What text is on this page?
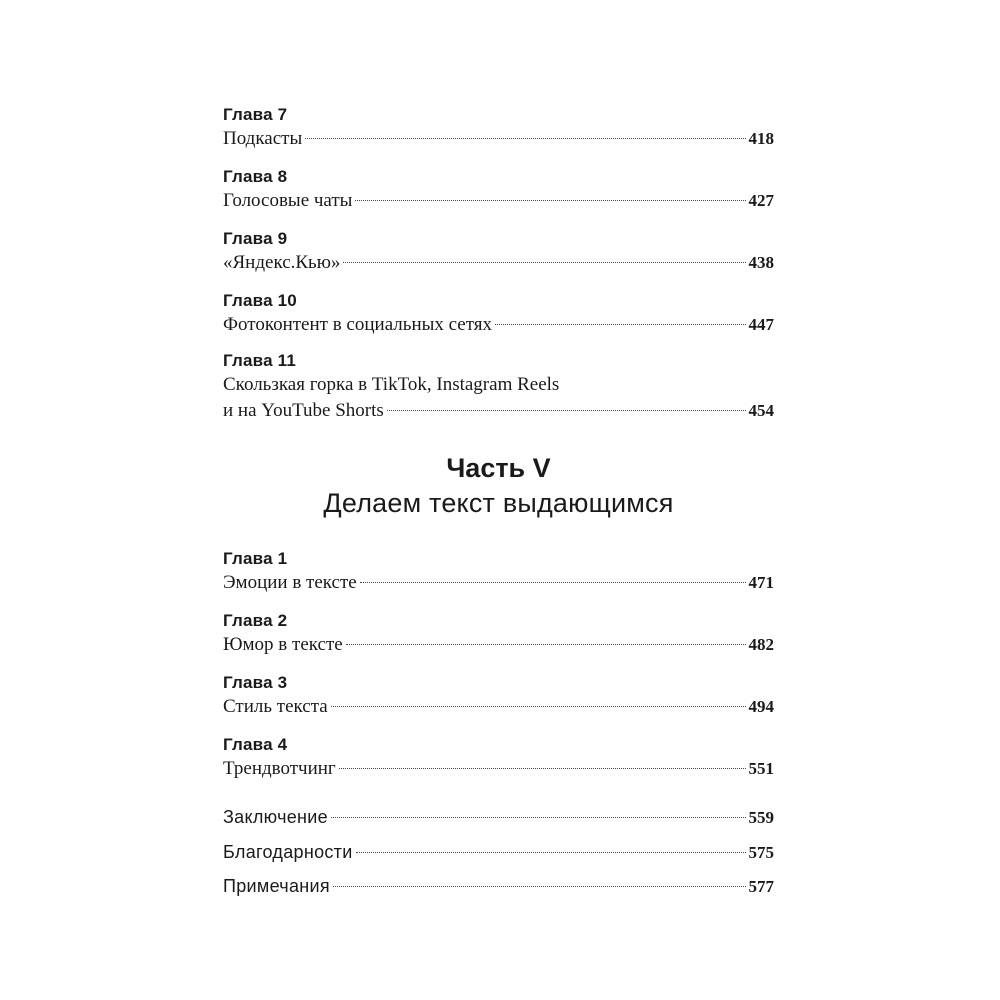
Глава 7
Подкасты	418
Глава 8
Голосовые чаты	427
Глава 9
«Яндекс.Кью»	438
Глава 10
Фотоконтент в социальных сетях	447
Глава 11
Скользкая горка в TikTok, Instagram Reels
и на YouTube Shorts	454
Часть V
Делаем текст выдающимся
Глава 1
Эмоции в тексте	471
Глава 2
Юмор в тексте	482
Глава 3
Стиль текста	494
Глава 4
Трендвотчинг	551
Заключение	559
Благодарности	575
Примечания	577
